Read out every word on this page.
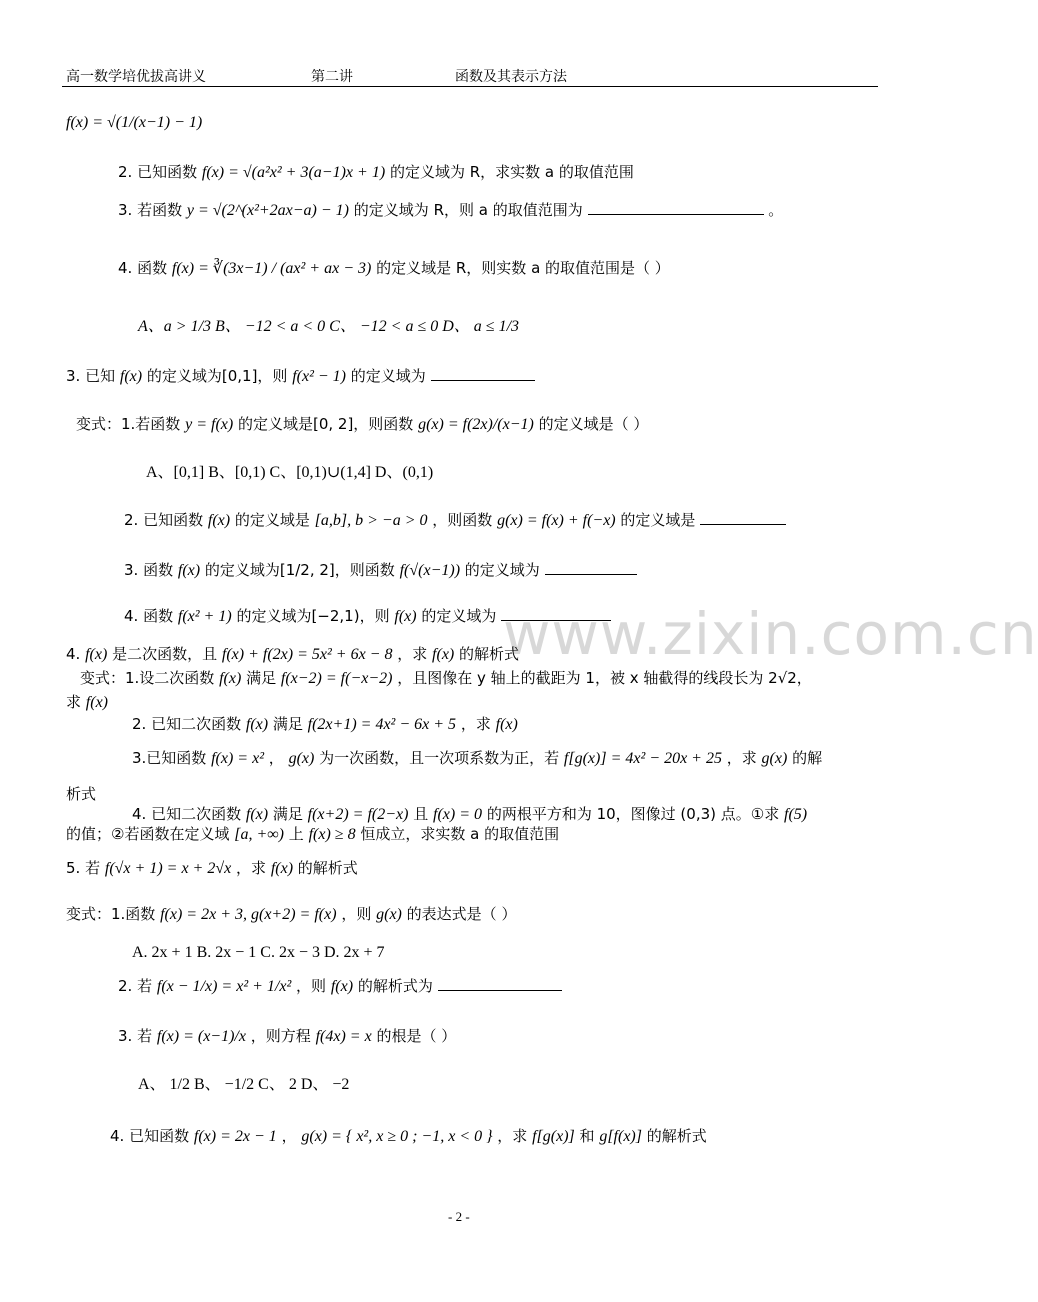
高一数学培优拔高讲义	第二讲	函数及其表示方法
www.zixin.com.cn
f(x) = √(1/(x−1) − 1)
2. 已知函数 f(x) = √(a²x² + 3(a−1)x + 1) 的定义域为 R，求实数 a 的取值范围
3. 若函数 y = √(2^(x²+2ax−a) − 1) 的定义域为 R，则 a 的取值范围为	。
4. 函数 f(x) = ∛(3x−1) / (ax² + ax − 3) 的定义域是 R，则实数 a 的取值范围是（ ）
A、a > 1/3 B、 −12 < a < 0 C、 −12 < a ≤ 0 D、 a ≤ 1/3
3. 已知 f(x) 的定义域为[0,1]，则 f(x² − 1) 的定义域为
变式：1.若函数 y = f(x) 的定义域是[0, 2]，则函数 g(x) = f(2x)/(x−1) 的定义域是（ ）
A、[0,1] B、[0,1) C、[0,1)∪(1,4] D、(0,1)
2. 已知函数 f(x) 的定义域是 [a,b], b > −a > 0 ，则函数 g(x) = f(x) + f(−x) 的定义域是
3. 函数 f(x) 的定义域为[1/2, 2]，则函数 f(√(x−1)) 的定义域为
4. 函数 f(x² + 1) 的定义域为[−2,1)，则 f(x) 的定义域为
4. f(x) 是二次函数，且 f(x) + f(2x) = 5x² + 6x − 8 ，求 f(x) 的解析式
变式：1.设二次函数 f(x) 满足 f(x−2) = f(−x−2) ，且图像在 y 轴上的截距为 1，被 x 轴截得的线段长为 2√2，
求 f(x)
2. 已知二次函数 f(x) 满足 f(2x+1) = 4x² − 6x + 5 ，求 f(x)
3.已知函数 f(x) = x² ， g(x) 为一次函数，且一次项系数为正，若 f[g(x)] = 4x² − 20x + 25 ，求 g(x) 的解
析式
4. 已知二次函数 f(x) 满足 f(x+2) = f(2−x) 且 f(x) = 0 的两根平方和为 10，图像过 (0,3) 点。①求 f(5)
的值；②若函数在定义域 [a, +∞) 上 f(x) ≥ 8 恒成立，求实数 a 的取值范围
5. 若 f(√x + 1) = x + 2√x ，求 f(x) 的解析式
变式：1.函数 f(x) = 2x + 3, g(x+2) = f(x) ，则 g(x) 的表达式是（ ）
A. 2x + 1 B. 2x − 1 C. 2x − 3 D. 2x + 7
2. 若 f(x − 1/x) = x² + 1/x² ，则 f(x) 的解析式为
3. 若 f(x) = (x−1)/x ，则方程 f(4x) = x 的根是（ ）
A、 1/2 B、 −1/2 C、 2 D、 −2
4. 已知函数 f(x) = 2x − 1 ， g(x) = { x², x ≥ 0 ; −1, x < 0 } ，求 f[g(x)] 和 g[f(x)] 的解析式
- 2 -
